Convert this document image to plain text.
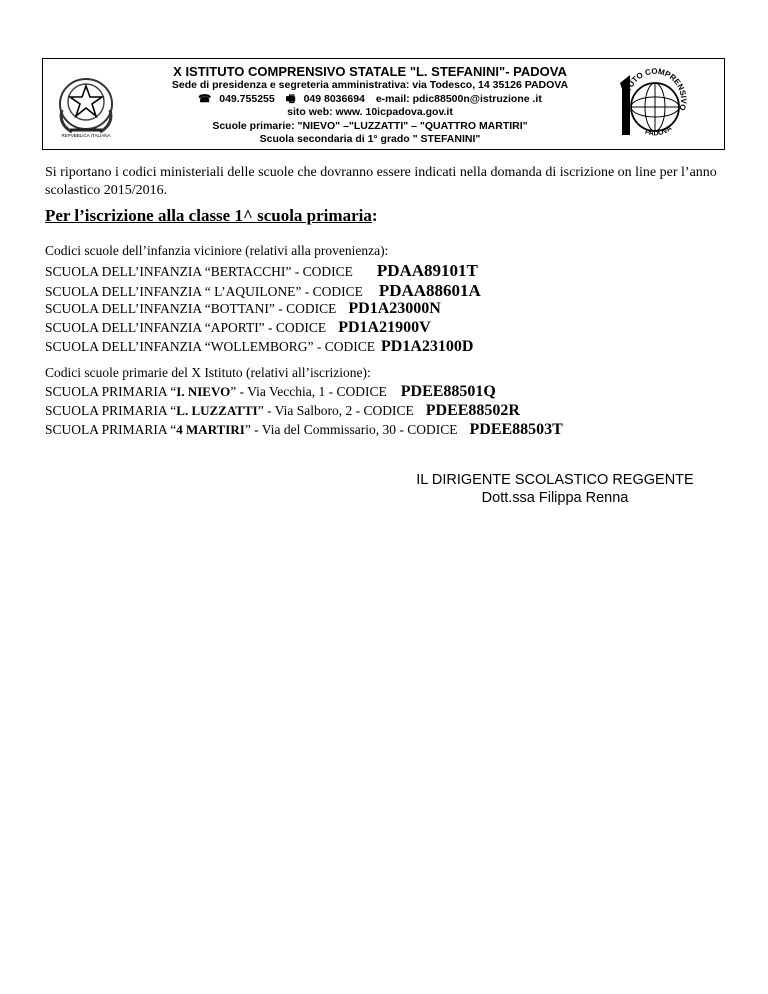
REPVBBLICA ITALIANA
ISTITUTO COMPRENSIVO
PADOVA
X ISTITUTO COMPRENSIVO STATALE "L. STEFANINI"- PADOVA
Sede di presidenza e segreteria amministrativa: via Todesco, 14 35126 PADOVA
☎ 049.755255 🖷 049 8036694 e-mail: pdic88500n@istruzione .it
sito web: www. 10icpadova.gov.it
Scuole primarie: "NIEVO" –"LUZZATTI" – "QUATTRO MARTIRI"
Scuola secondaria di 1° grado " STEFANINI"
Si riportano i codici ministeriali delle scuole che dovranno essere indicati nella domanda di iscrizione on line per l’anno scolastico 2015/2016.
Per l’iscrizione alla classe 1^ scuola primaria:
Codici scuole dell’infanzia viciniore (relativi alla provenienza):
SCUOLA DELL’INFANZIA “BERTACCHI” - CODICE PDAA89101T
SCUOLA DELL’INFANZIA “ L’AQUILONE” - CODICE PDAA88601A
SCUOLA DELL’INFANZIA “BOTTANI” - CODICE PD1A23000N
SCUOLA DELL’INFANZIA “APORTI” - CODICE PD1A21900V
SCUOLA DELL’INFANZIA “WOLLEMBORG” - CODICE PD1A23100D
Codici scuole primarie del X Istituto (relativi all’iscrizione):
SCUOLA PRIMARIA “I. NIEVO” - Via Vecchia, 1 - CODICE PDEE88501Q
SCUOLA PRIMARIA “L. LUZZATTI” - Via Salboro, 2 - CODICE PDEE88502R
SCUOLA PRIMARIA “4 MARTIRI” - Via del Commissario, 30 - CODICE PDEE88503T
IL DIRIGENTE SCOLASTICO REGGENTE
Dott.ssa Filippa Renna
